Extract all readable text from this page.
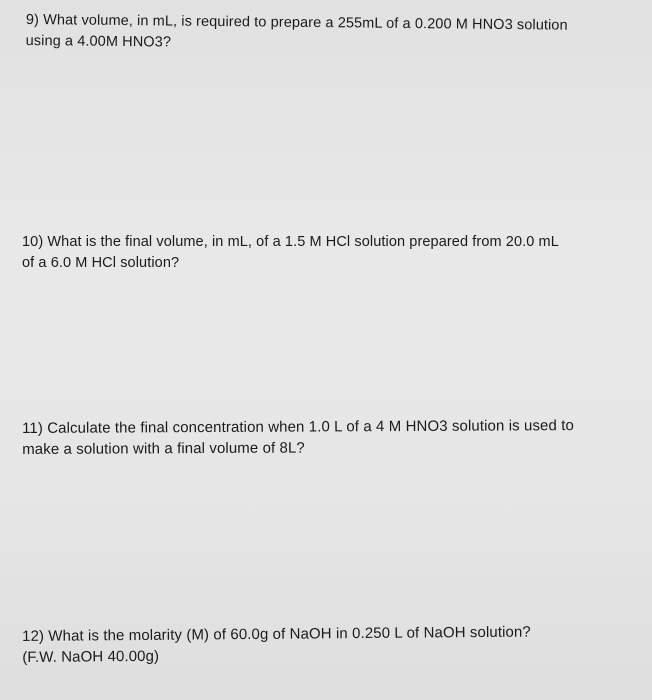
9) What volume, in mL, is required to prepare a 255mL of a 0.200 M HNO3 solution
using a 4.00M HNO3?
10) What is the final volume, in mL, of a 1.5 M HCl solution prepared from 20.0 mL
of a 6.0 M HCl solution?
11) Calculate the final concentration when 1.0 L of a 4 M HNO3 solution is used to
make a solution with a final volume of 8L?
12) What is the molarity (M) of 60.0g of NaOH in 0.250 L of NaOH solution?
(F.W. NaOH 40.00g)
